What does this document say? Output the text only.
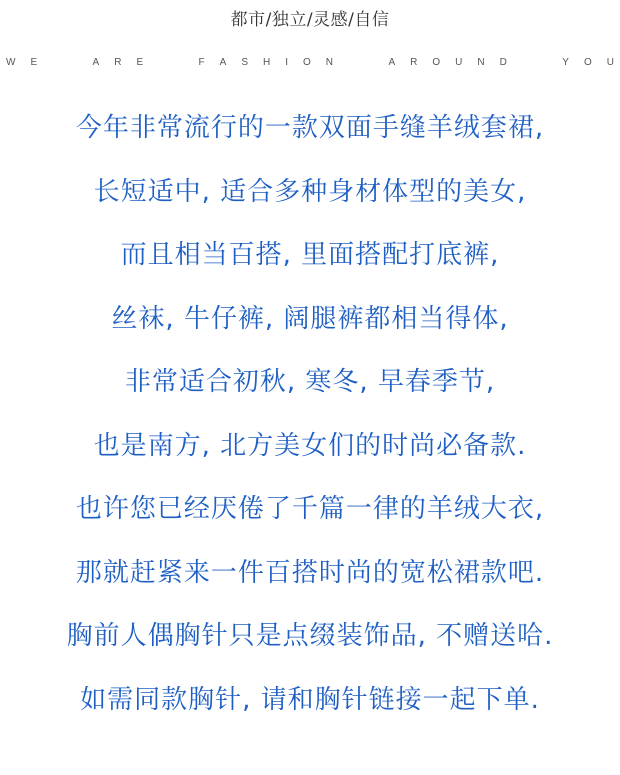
都市/独立/灵感/自信
W E	A R E	F A S H I O N	A R O U N D	Y O U
今年非常流行的一款双面手缝羊绒套裙,
长短适中, 适合多种身材体型的美女,
而且相当百搭, 里面搭配打底裤,
丝袜, 牛仔裤, 阔腿裤都相当得体,
非常适合初秋, 寒冬, 早春季节,
也是南方, 北方美女们的时尚必备款.
也许您已经厌倦了千篇一律的羊绒大衣,
那就赶紧来一件百搭时尚的宽松裙款吧.
胸前人偶胸针只是点缀装饰品, 不赠送哈.
如需同款胸针, 请和胸针链接一起下单.
